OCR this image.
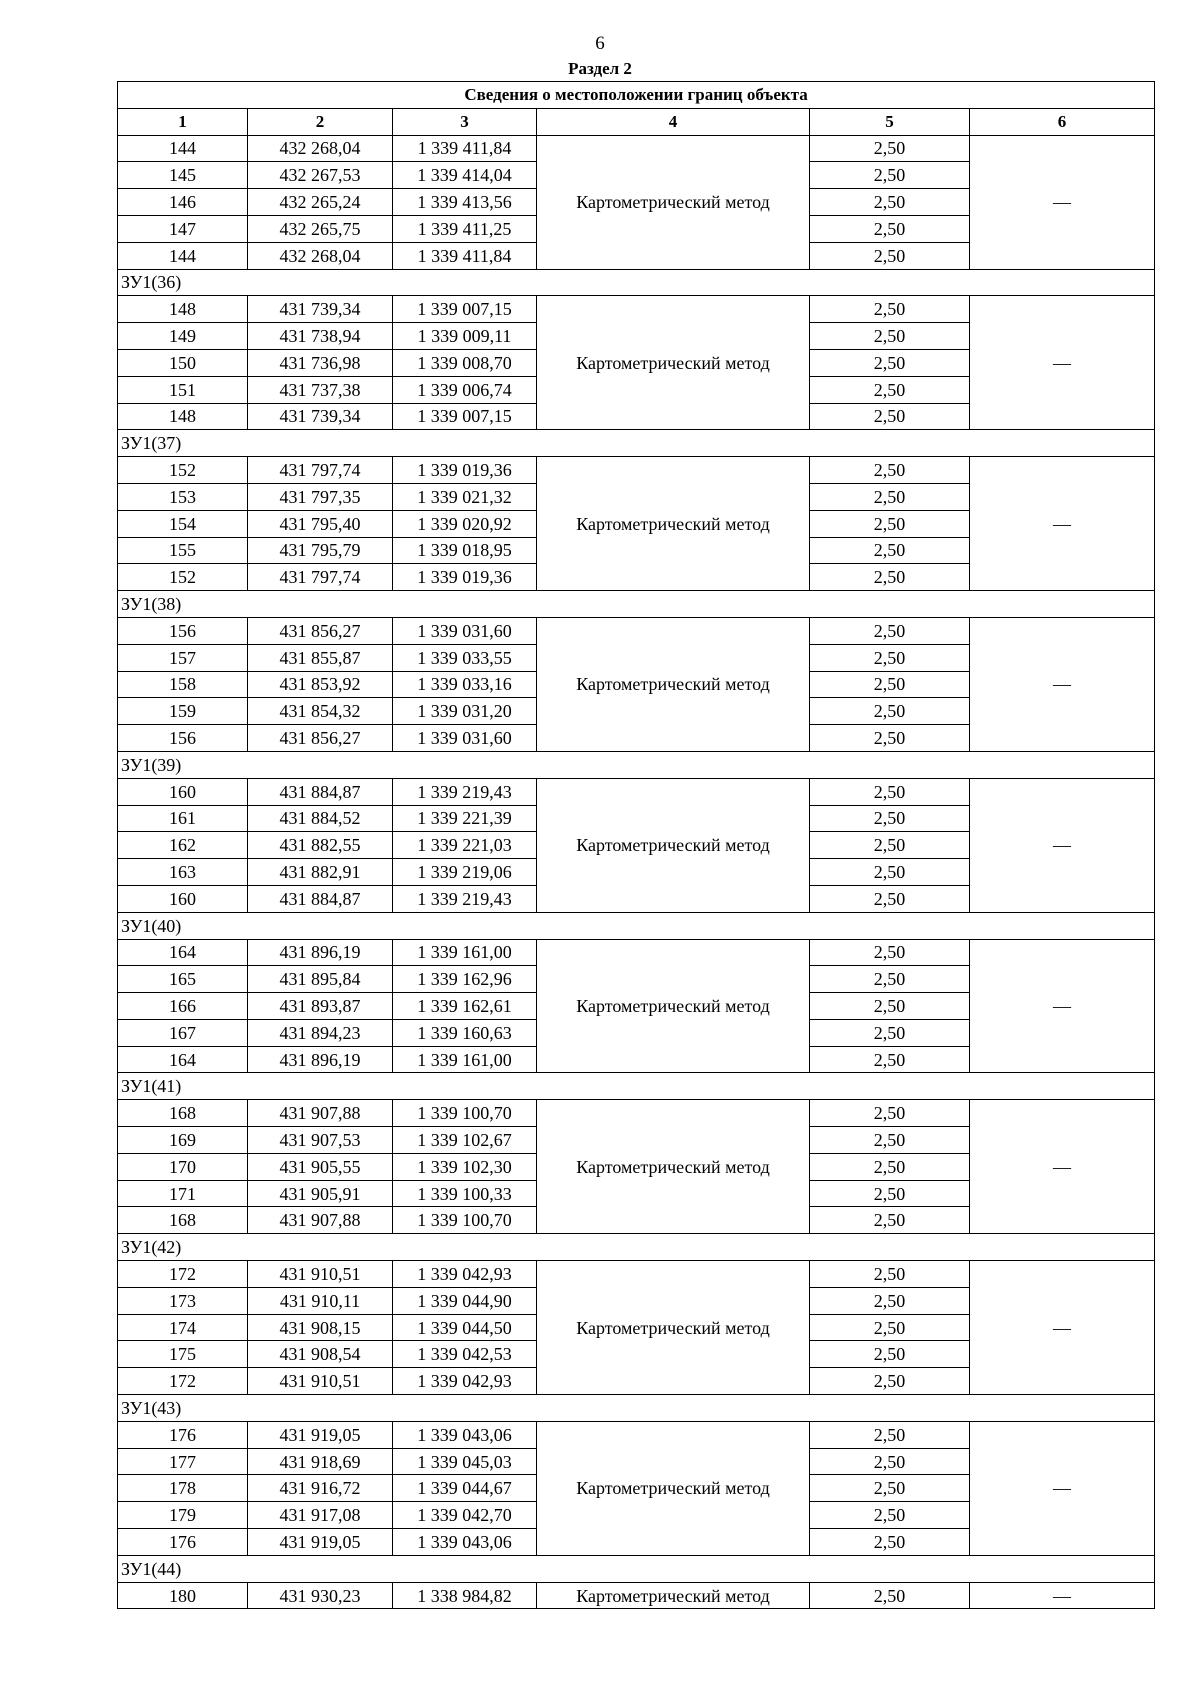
6
Раздел 2
Сведения о местоположении границ объекта					
1	2	3	4	5	6
144	432 268,04	1 339 411,84	Картометрический метод	2,50	—
145	432 267,53	1 339 414,04		2,50	
146	432 265,24	1 339 413,56		2,50	
147	432 265,75	1 339 411,25		2,50	
144	432 268,04	1 339 411,84		2,50	
ЗУ1(36)					
148	431 739,34	1 339 007,15	Картометрический метод	2,50	—
149	431 738,94	1 339 009,11		2,50	
150	431 736,98	1 339 008,70		2,50	
151	431 737,38	1 339 006,74		2,50	
148	431 739,34	1 339 007,15		2,50	
ЗУ1(37)					
152	431 797,74	1 339 019,36	Картометрический метод	2,50	—
153	431 797,35	1 339 021,32		2,50	
154	431 795,40	1 339 020,92		2,50	
155	431 795,79	1 339 018,95		2,50	
152	431 797,74	1 339 019,36		2,50	
ЗУ1(38)					
156	431 856,27	1 339 031,60	Картометрический метод	2,50	—
157	431 855,87	1 339 033,55		2,50	
158	431 853,92	1 339 033,16		2,50	
159	431 854,32	1 339 031,20		2,50	
156	431 856,27	1 339 031,60		2,50	
ЗУ1(39)					
160	431 884,87	1 339 219,43	Картометрический метод	2,50	—
161	431 884,52	1 339 221,39		2,50	
162	431 882,55	1 339 221,03		2,50	
163	431 882,91	1 339 219,06		2,50	
160	431 884,87	1 339 219,43		2,50	
ЗУ1(40)					
164	431 896,19	1 339 161,00	Картометрический метод	2,50	—
165	431 895,84	1 339 162,96		2,50	
166	431 893,87	1 339 162,61		2,50	
167	431 894,23	1 339 160,63		2,50	
164	431 896,19	1 339 161,00		2,50	
ЗУ1(41)					
168	431 907,88	1 339 100,70	Картометрический метод	2,50	—
169	431 907,53	1 339 102,67		2,50	
170	431 905,55	1 339 102,30		2,50	
171	431 905,91	1 339 100,33		2,50	
168	431 907,88	1 339 100,70		2,50	
ЗУ1(42)					
172	431 910,51	1 339 042,93	Картометрический метод	2,50	—
173	431 910,11	1 339 044,90		2,50	
174	431 908,15	1 339 044,50		2,50	
175	431 908,54	1 339 042,53		2,50	
172	431 910,51	1 339 042,93		2,50	
ЗУ1(43)					
176	431 919,05	1 339 043,06	Картометрический метод	2,50	—
177	431 918,69	1 339 045,03		2,50	
178	431 916,72	1 339 044,67		2,50	
179	431 917,08	1 339 042,70		2,50	
176	431 919,05	1 339 043,06		2,50	
ЗУ1(44)					
180	431 930,23	1 338 984,82	Картометрический метод	2,50	—
